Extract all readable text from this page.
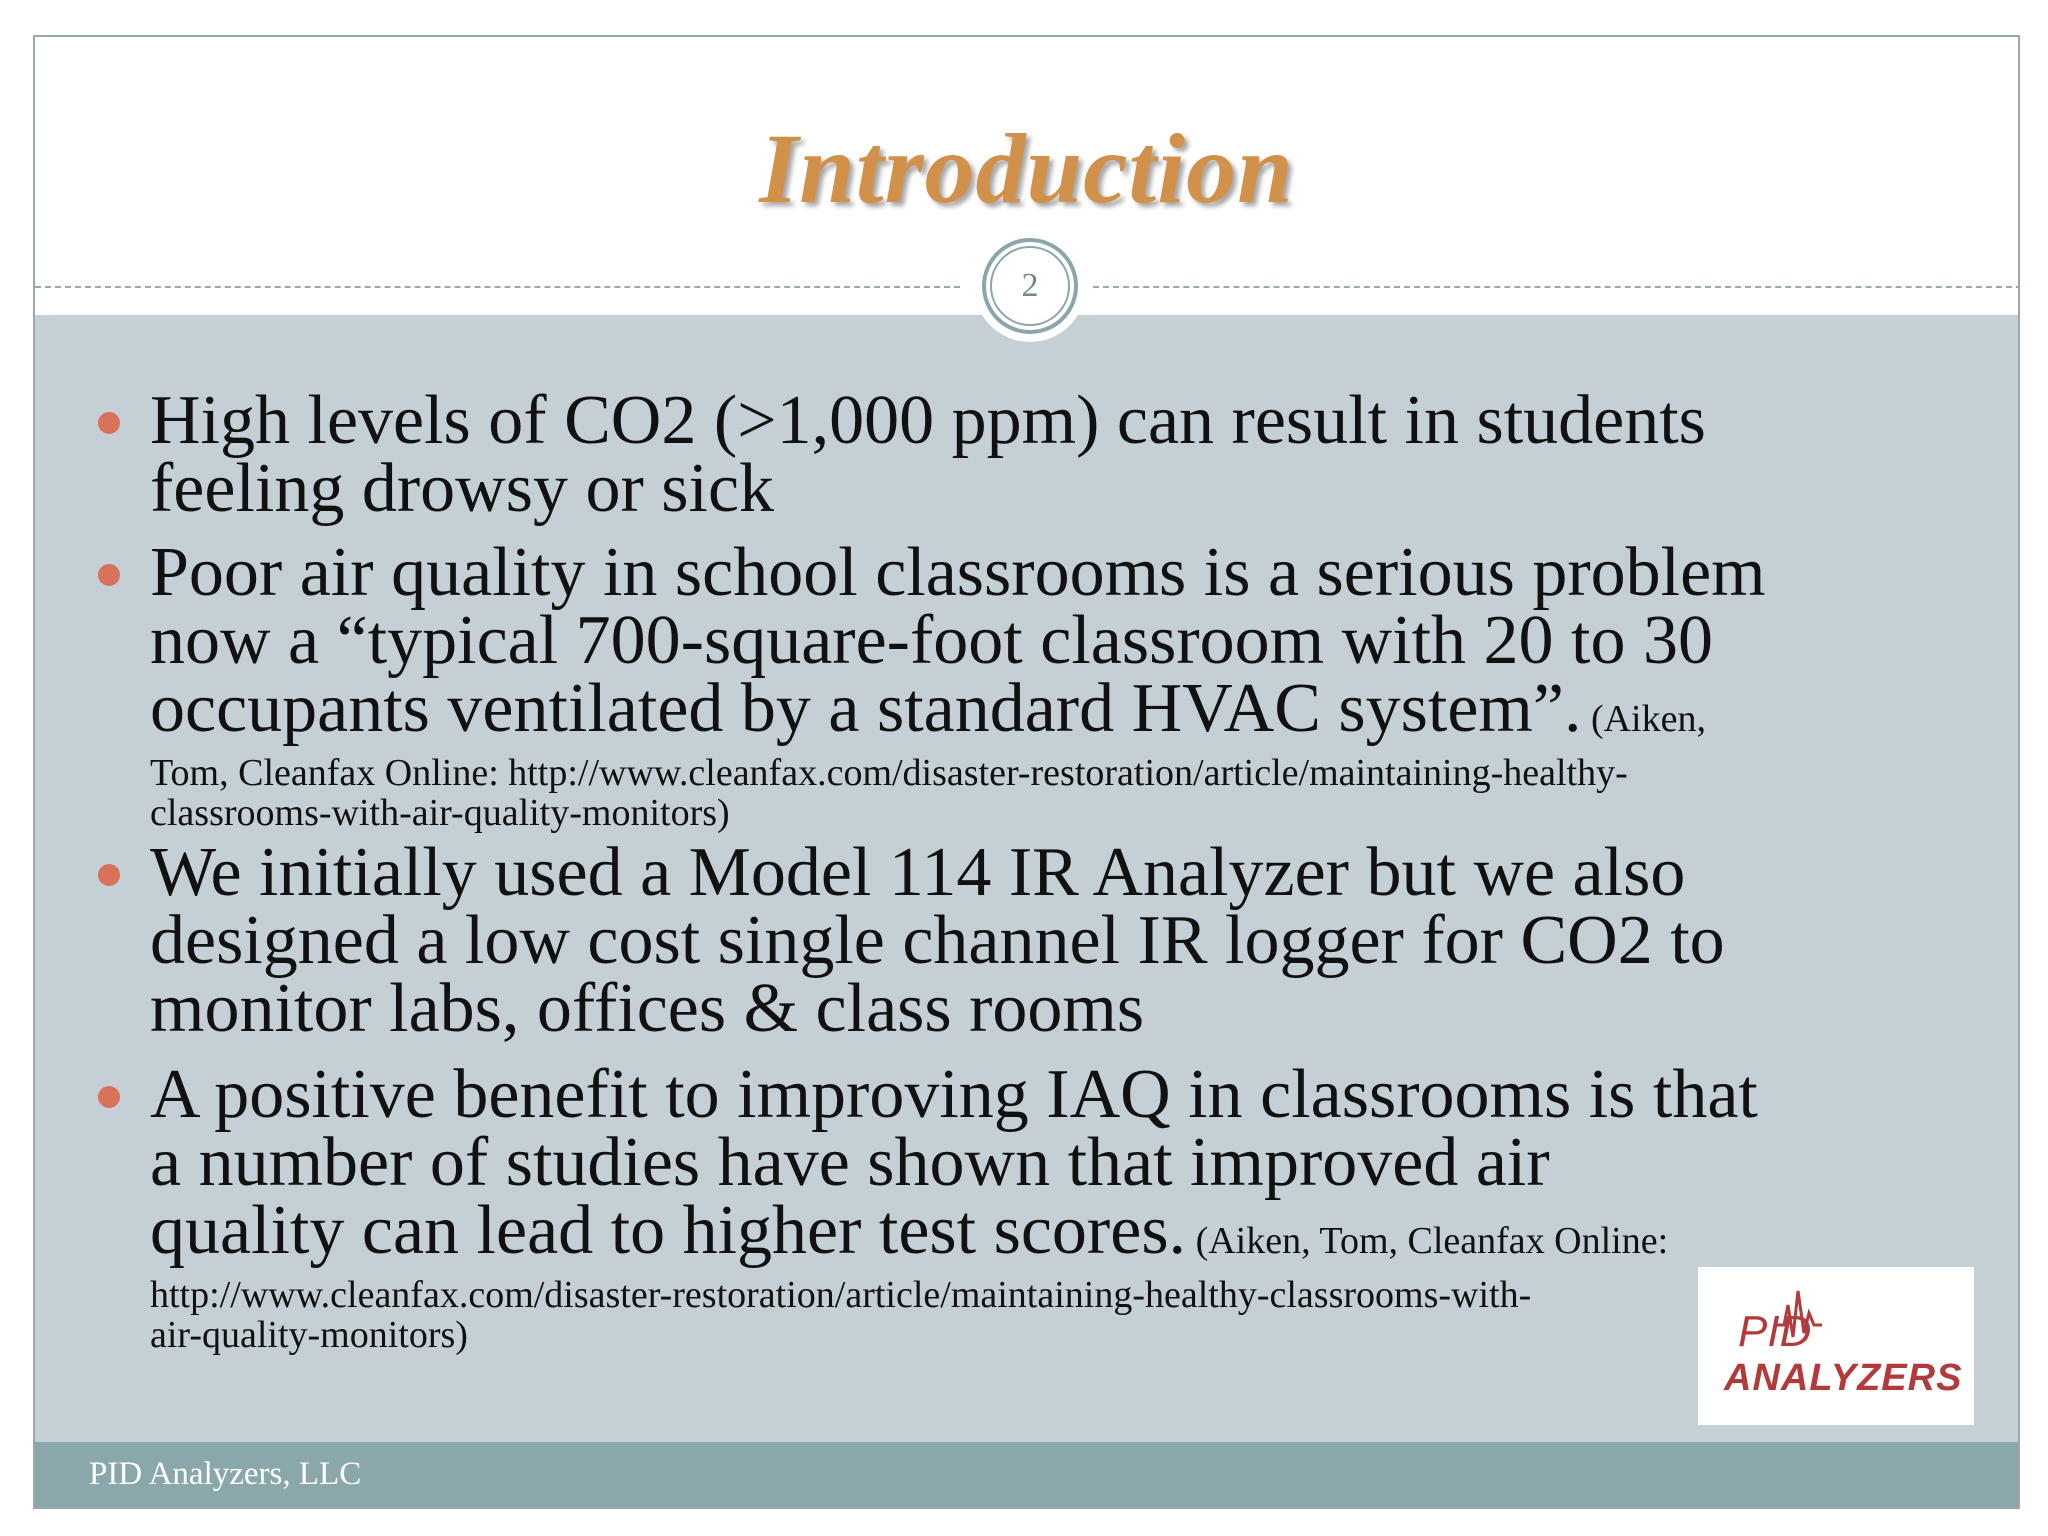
Introduction
High levels of CO2 (>1,000 ppm) can result in students
feeling drowsy or sick
Poor air quality in school classrooms is a serious problem
now a “typical 700-square-foot classroom with 20 to 30
occupants ventilated by a standard HVAC system”. (Aiken,
Tom, Cleanfax Online: http://www.cleanfax.com/disaster-restoration/article/maintaining-healthy-
classrooms-with-air-quality-monitors)
We initially used a Model 114 IR Analyzer but we also
designed a low cost single channel IR logger for CO2 to
monitor labs, offices & class rooms
A positive benefit to improving IAQ in classrooms is that
a number of studies have shown that improved air
quality can lead to higher test scores. (Aiken, Tom, Cleanfax Online:
http://www.cleanfax.com/disaster-restoration/article/maintaining-healthy-classrooms-with-
air-quality-monitors)
2
PID
ANALYZERS
PID Analyzers, LLC
